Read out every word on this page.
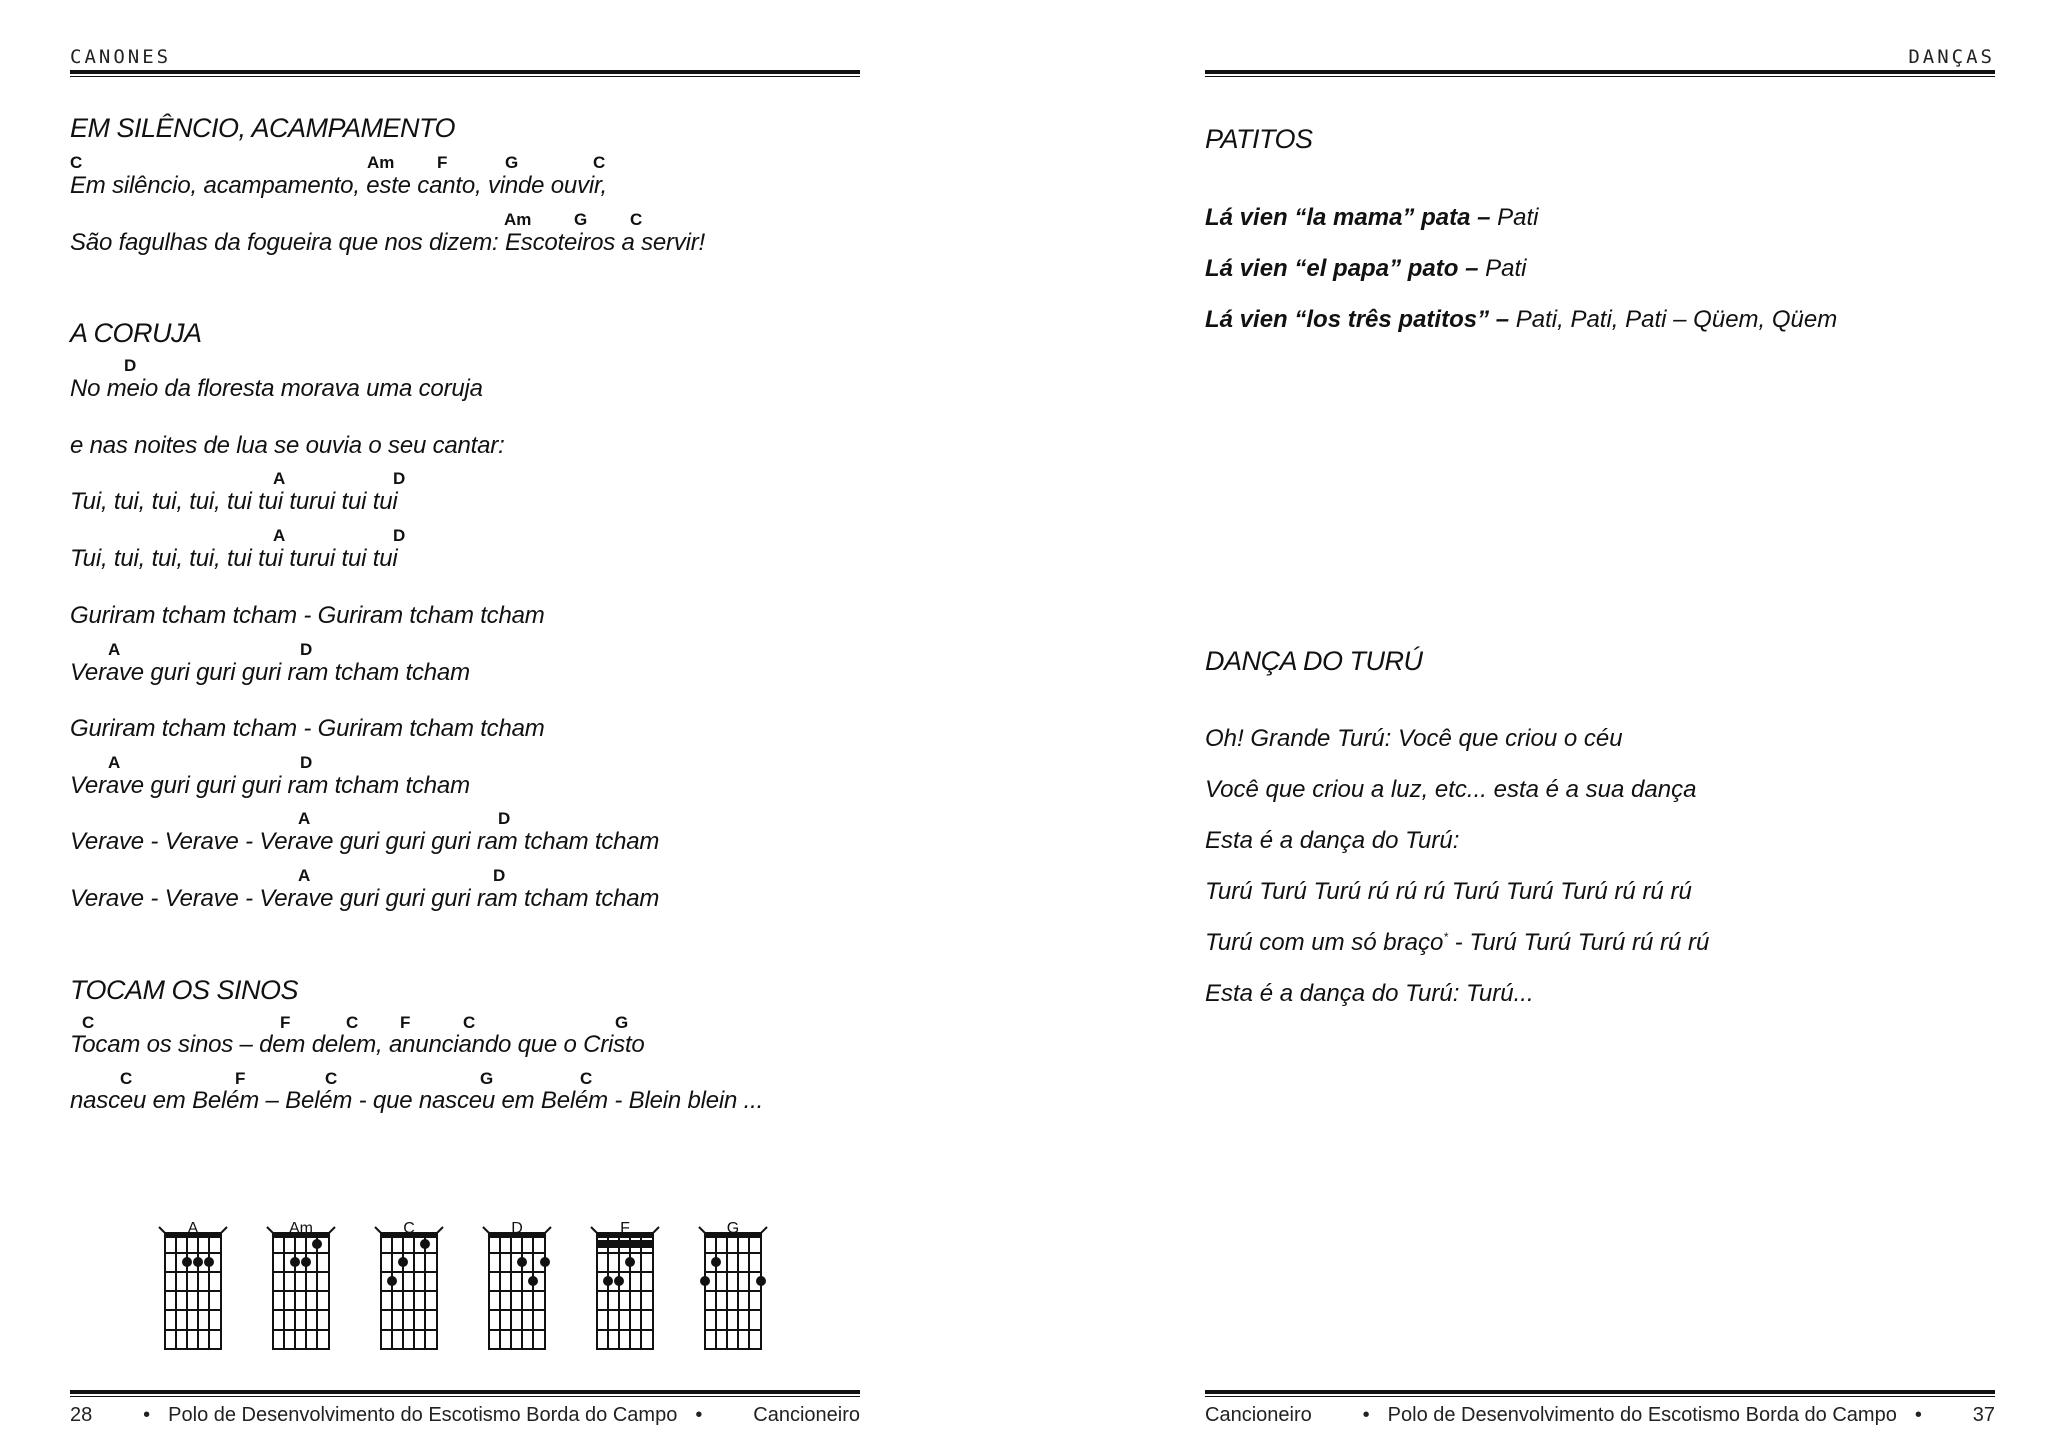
CANONES
EM SILÊNCIO, ACAMPAMENTO
C	Am	F	G	C
Em silêncio, acampamento, este canto, vinde ouvir,
Am	G	C
São fagulhas da fogueira que nos dizem: Escoteiros a servir!
A CORUJA
D
No meio da floresta morava uma coruja
e nas noites de lua se ouvia o seu cantar:
A	D
Tui, tui, tui, tui, tui tui turui tui tui
A	D
Tui, tui, tui, tui, tui tui turui tui tui
Guriram tcham tcham - Guriram tcham tcham
A	D
Verave guri guri guri ram tcham tcham
Guriram tcham tcham - Guriram tcham tcham
A	D
Verave guri guri guri ram tcham tcham
A	D
Verave - Verave - Verave guri guri guri ram tcham tcham
A	D
Verave - Verave - Verave guri guri guri ram tcham tcham
TOCAM OS SINOS
C	F	C F	C	G
Tocam os sinos – dem delem, anunciando que o Cristo
C	F	C	G	C
nasceu em Belém – Belém - que nasceu em Belém - Blein blein ...
A	Am	C	D	F	G
28	• Polo de Desenvolvimento do Escotismo Borda do Campo •	Cancioneiro
DANÇAS
PATITOS
Lá vien “la mama” pata – Pati
Lá vien “el papa” pato – Pati
Lá vien “los três patitos” – Pati, Pati, Pati – Qüem, Qüem
DANÇA DO TURÚ
Oh! Grande Turú: Você que criou o céu
Você que criou a luz, etc... esta é a sua dança
Esta é a dança do Turú:
Turú Turú Turú rú rú rú Turú Turú Turú rú rú rú
Turú com um só braço* - Turú Turú Turú rú rú rú
Esta é a dança do Turú: Turú...
Cancioneiro	• Polo de Desenvolvimento do Escotismo Borda do Campo •	37
